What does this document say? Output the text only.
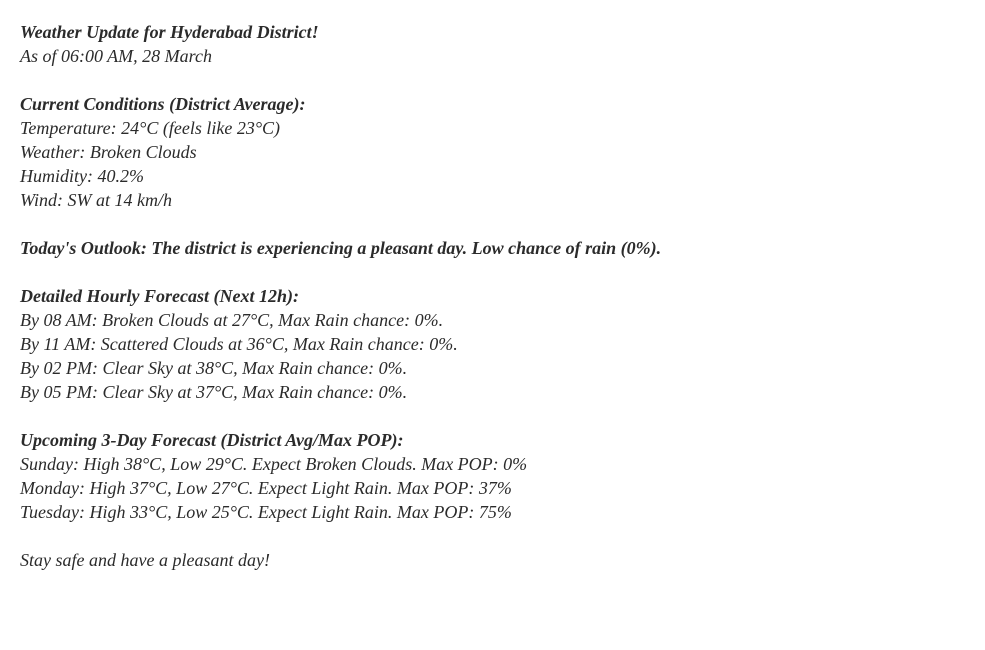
Weather Update for Hyderabad District!
As of 06:00 AM, 28 March
Current Conditions (District Average):
Temperature: 24°C (feels like 23°C)
Weather: Broken Clouds
Humidity: 40.2%
Wind: SW at 14 km/h
Today's Outlook: The district is experiencing a pleasant day. Low chance of rain (0%).
Detailed Hourly Forecast (Next 12h):
By 08 AM: Broken Clouds at 27°C, Max Rain chance: 0%.
By 11 AM: Scattered Clouds at 36°C, Max Rain chance: 0%.
By 02 PM: Clear Sky at 38°C, Max Rain chance: 0%.
By 05 PM: Clear Sky at 37°C, Max Rain chance: 0%.
Upcoming 3-Day Forecast (District Avg/Max POP):
Sunday: High 38°C, Low 29°C. Expect Broken Clouds. Max POP: 0%
Monday: High 37°C, Low 27°C. Expect Light Rain. Max POP: 37%
Tuesday: High 33°C, Low 25°C. Expect Light Rain. Max POP: 75%
Stay safe and have a pleasant day!
